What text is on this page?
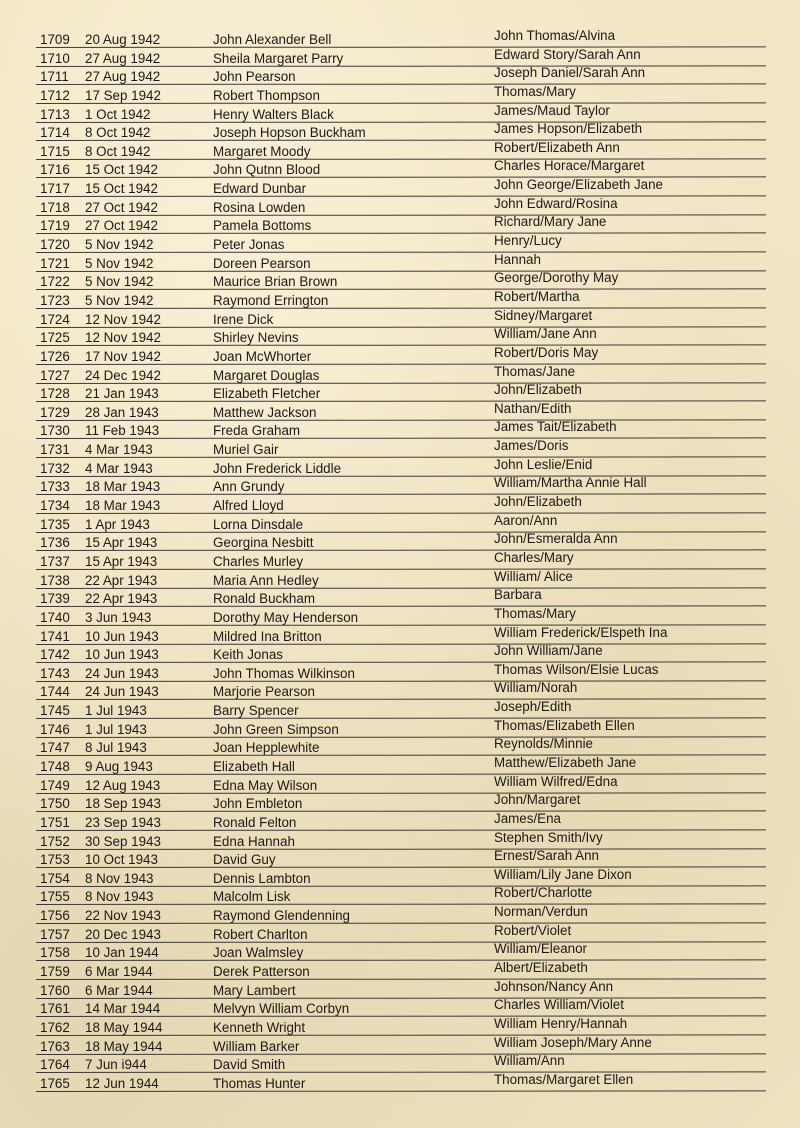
1709 20 Aug 1942	John Alexander Bell	John Thomas/Alvina
1710 27 Aug 1942	Sheila Margaret Parry	Edward Story/Sarah Ann
1711 27 Aug 1942	John Pearson	Joseph Daniel/Sarah Ann
1712 17 Sep 1942	Robert Thompson	Thomas/Mary
1713 1 Oct 1942	Henry Walters Black	James/Maud Taylor
1714 8 Oct 1942	Joseph Hopson Buckham	James Hopson/Elizabeth
1715 8 Oct 1942	Margaret Moody	Robert/Elizabeth Ann
1716 15 Oct 1942	John Qutnn Blood	Charles Horace/Margaret
1717 15 Oct 1942	Edward Dunbar	John George/Elizabeth Jane
1718 27 Oct 1942	Rosina Lowden	John Edward/Rosina
1719 27 Oct 1942	Pamela Bottoms	Richard/Mary Jane
1720 5 Nov 1942	Peter Jonas	Henry/Lucy
1721 5 Nov 1942	Doreen Pearson	Hannah
1722 5 Nov 1942	Maurice Brian Brown	George/Dorothy May
1723 5 Nov 1942	Raymond Errington	Robert/Martha
1724 12 Nov 1942	Irene Dick	Sidney/Margaret
1725 12 Nov 1942	Shirley Nevins	William/Jane Ann
1726 17 Nov 1942	Joan McWhorter	Robert/Doris May
1727 24 Dec 1942	Margaret Douglas	Thomas/Jane
1728 21 Jan 1943	Elizabeth Fletcher	John/Elizabeth
1729 28 Jan 1943	Matthew Jackson	Nathan/Edith
1730 11 Feb 1943	Freda Graham	James Tait/Elizabeth
1731 4 Mar 1943	Muriel Gair	James/Doris
1732 4 Mar 1943	John Frederick Liddle	John Leslie/Enid
1733 18 Mar 1943	Ann Grundy	William/Martha Annie Hall
1734 18 Mar 1943	Alfred Lloyd	John/Elizabeth
1735 1 Apr 1943	Lorna Dinsdale	Aaron/Ann
1736 15 Apr 1943	Georgina Nesbitt	John/Esmeralda Ann
1737 15 Apr 1943	Charles Murley	Charles/Mary
1738 22 Apr 1943	Maria Ann Hedley	William/ Alice
1739 22 Apr 1943	Ronald Buckham	Barbara
1740 3 Jun 1943	Dorothy May Henderson	Thomas/Mary
1741 10 Jun 1943	Mildred Ina Britton	William Frederick/Elspeth Ina
1742 10 Jun 1943	Keith Jonas	John William/Jane
1743 24 Jun 1943	John Thomas Wilkinson	Thomas Wilson/Elsie Lucas
1744 24 Jun 1943	Marjorie Pearson	William/Norah
1745 1 Jul 1943	Barry Spencer	Joseph/Edith
1746 1 Jul 1943	John Green Simpson	Thomas/Elizabeth Ellen
1747 8 Jul 1943	Joan Hepplewhite	Reynolds/Minnie
1748 9 Aug 1943	Elizabeth Hall	Matthew/Elizabeth Jane
1749 12 Aug 1943	Edna May Wilson	William Wilfred/Edna
1750 18 Sep 1943	John Embleton	John/Margaret
1751 23 Sep 1943	Ronald Felton	James/Ena
1752 30 Sep 1943	Edna Hannah	Stephen Smith/Ivy
1753 10 Oct 1943	David Guy	Ernest/Sarah Ann
1754 8 Nov 1943	Dennis Lambton	William/Lily Jane Dixon
1755 8 Nov 1943	Malcolm Lisk	Robert/Charlotte
1756 22 Nov 1943	Raymond Glendenning	Norman/Verdun
1757 20 Dec 1943	Robert Charlton	Robert/Violet
1758 10 Jan 1944	Joan Walmsley	William/Eleanor
1759 6 Mar 1944	Derek Patterson	Albert/Elizabeth
1760 6 Mar 1944	Mary Lambert	Johnson/Nancy Ann
1761 14 Mar 1944	Melvyn William Corbyn	Charles William/Violet
1762 18 May 1944	Kenneth Wright	William Henry/Hannah
1763 18 May 1944	William Barker	William Joseph/Mary Anne
1764 7 Jun i944	David Smith	William/Ann
1765 12 Jun 1944	Thomas Hunter	Thomas/Margaret Ellen
